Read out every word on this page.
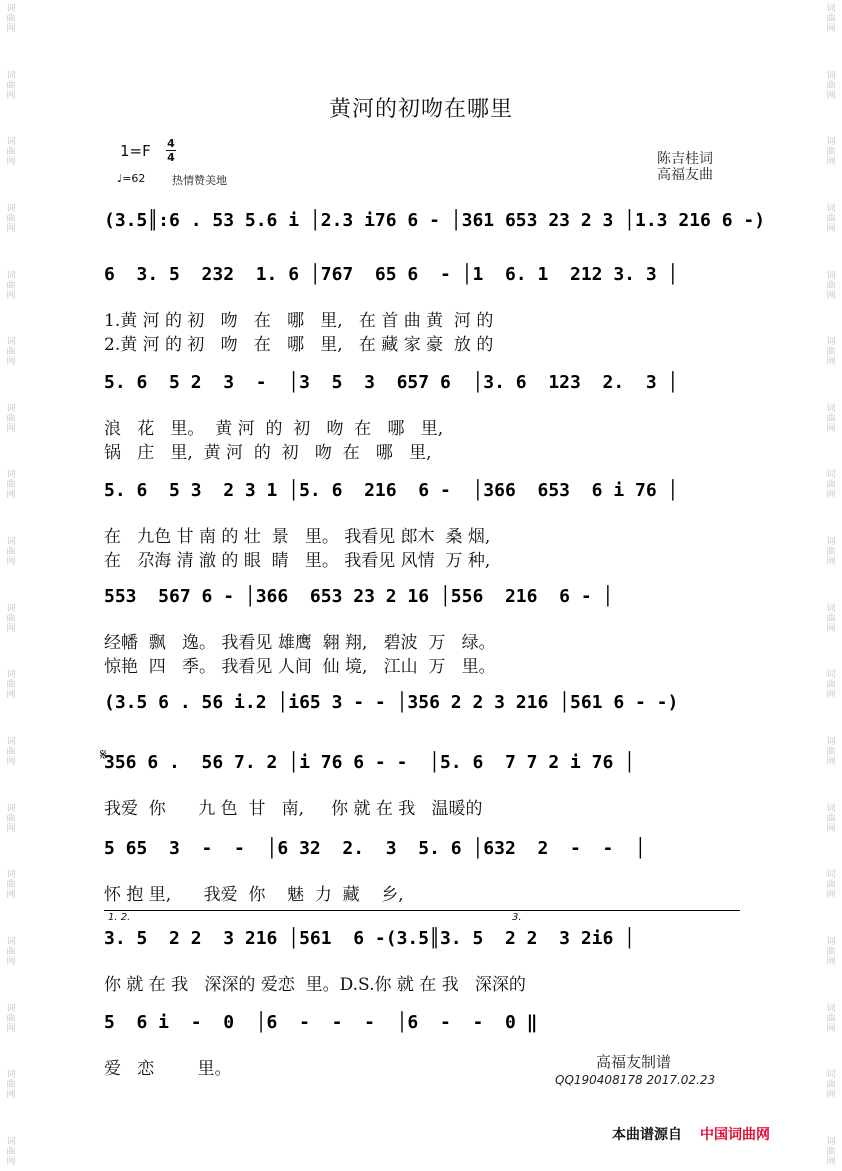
词
曲
网
词
曲
网
词
曲
网
词
曲
网
词
曲
网
词
曲
网
词
曲
网
词
曲
网
词
曲
网
词
曲
网
词
曲
网
词
曲
网
词
曲
网
词
曲
网
词
曲
网
词
曲
网
词
曲
网
词
曲
网
词
曲
网
词
曲
网
词
曲
网
词
曲
网
词
曲
网
词
曲
网
词
曲
网
词
曲
网
词
曲
网
词
曲
网
词
曲
网
词
曲
网
词
曲
网
词
曲
网
词
曲
网
词
曲
网
词
曲
网
词
曲
网
黄河的初吻在哪里
1=F 4
4
♩=62 热情赞美地
陈吉桂词
高福友曲
𝄋
(3.5║:6 . 53 5.6 i │2.3 i76 6 - │361 653 23 2 3 │1.3 216 6 -)
6  3. 5  232  1. 6 │767  65 6  - │1  6. 1  212 3. 3 │
1.黄 河 的 初   吻   在   哪   里,   在 首 曲 黄  河 的
2.黄 河 的 初   吻   在   哪   里,   在 藏 家 豪  放 的
5. 6  5 2  3  -  │3  5  3  657 6  │3. 6  123  2.  3 │
浪   花   里。  黄 河  的  初   吻  在   哪   里,
锅   庄   里,  黄 河  的  初   吻  在   哪   里,
5. 6  5 3  2 3 1 │5. 6  216  6 -  │366  653  6 i 76 │
在   九色 甘 南 的 壮  景   里。 我看见 郎木  桑 烟,
在   尕海 清 澈 的 眼  睛   里。 我看见 风情  万 种,
553  567 6 - │366  653 23 2 16 │556  216  6 - │
经幡  飘   逸。 我看见 雄鹰  翱 翔,   碧波  万   绿。
惊艳  四   季。 我看见 人间  仙 境,   江山  万   里。
(3.5 6 . 56 i.2 │i65 3 - - │356 2 2 3 216 │561 6 - -)
356 6 .  56 7. 2 │i 76 6 - -  │5. 6  7 7 2 i 76 │
我爱  你      九 色  甘   南,     你 就 在 我   温暖的
5 65  3  -  -  │6 32  2.  3  5. 6 │632  2  -  -  │
怀 抱 里,      我爱  你    魅  力  藏    乡,
3. 5  2 2  3 216 │561  6 -(3.5║3. 5  2 2  3 2i6 │
你 就 在 我   深深的 爱恋  里。D.S.你 就 在 我   深深的
5  6 i  -  0  │6  -  -  -  │6  -  -  0 ‖
爱   恋        里。
1. 2.	3.
高福友制谱
QQ190408178 2017.02.23
本曲谱源自 中国词曲网
